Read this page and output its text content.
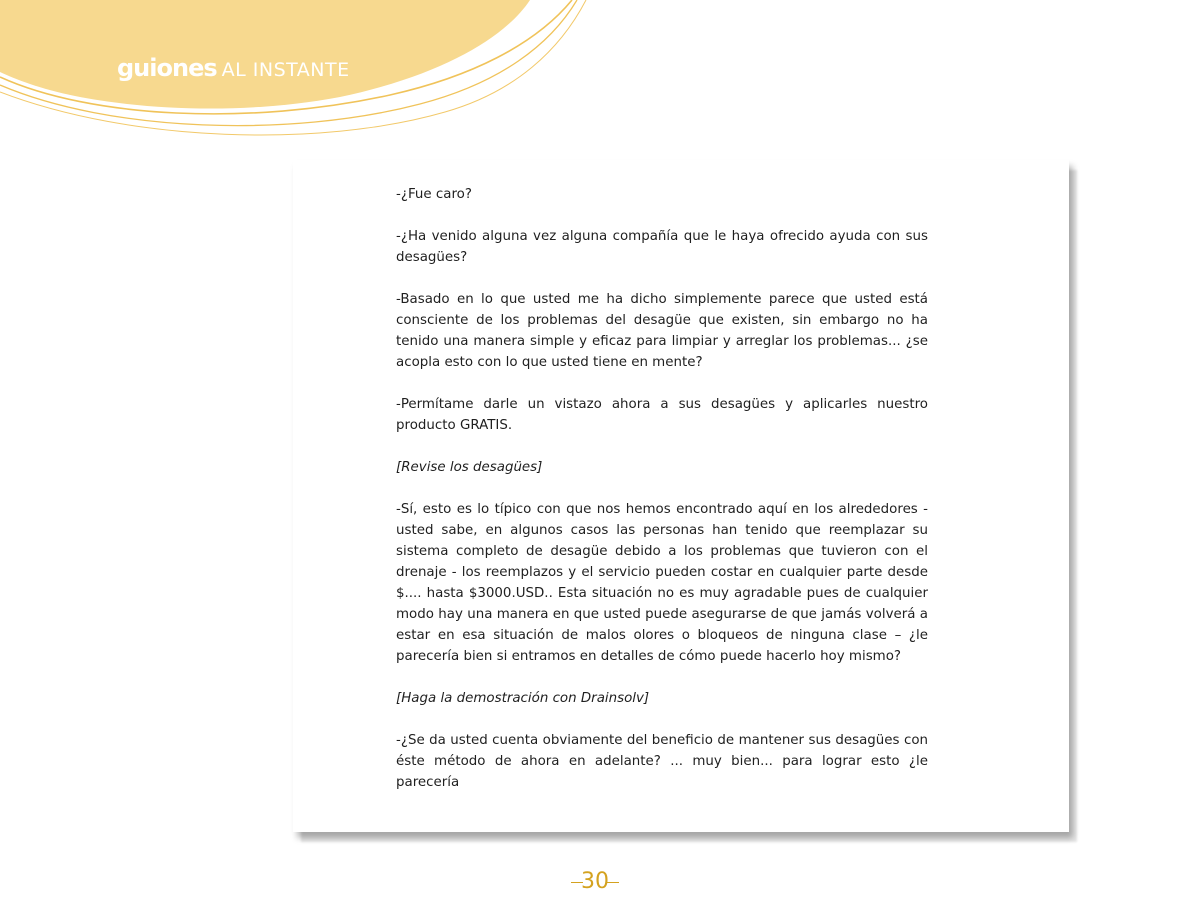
guiones AL INSTANTE

-¿Fue caro?

-¿Ha venido alguna vez alguna compañía que le haya ofrecido ayuda con sus desagües?

-Basado en lo que usted me ha dicho simplemente parece que usted está consciente de los problemas del desagüe que existen, sin embargo no ha tenido una manera simple y eficaz para limpiar y arreglar los problemas... ¿se acopla esto con lo que usted tiene en mente?

-Permítame darle un vistazo ahora a sus desagües y aplicarles nuestro producto GRATIS.

[Revise los desagües]

-Sí, esto es lo típico con que nos hemos encontrado aquí en los alrededores - usted sabe, en algunos casos las personas han tenido que reemplazar su sistema completo de desagüe debido a los problemas que tuvieron con el drenaje - los reemplazos y el servicio pueden costar en cualquier parte desde $.... hasta $3000.USD.. Esta situación no es muy agradable pues de cualquier modo hay una manera en que usted puede asegurarse de que jamás volverá a estar en esa situación de malos olores o bloqueos de ninguna clase – ¿le parecería bien si entramos en detalles de cómo puede hacerlo hoy mismo?

[Haga la demostración con Drainsolv]

-¿Se da usted cuenta obviamente del beneficio de mantener sus desagües con éste método de ahora en adelante? ... muy bien... para lograr esto ¿le parecería

30
